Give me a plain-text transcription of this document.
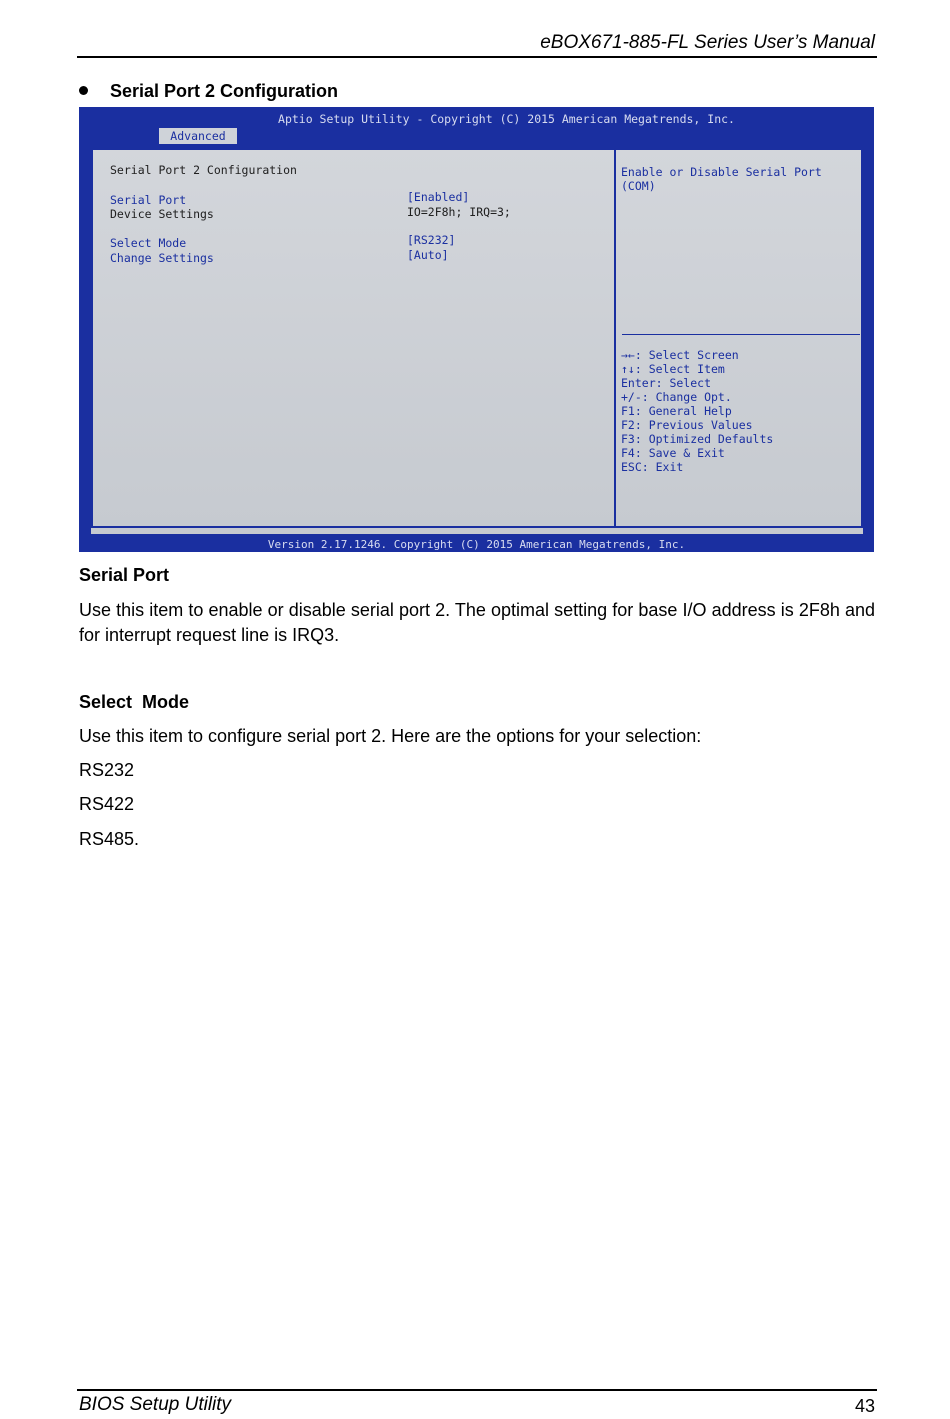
eBOX671-885-FL Series User’s Manual
Serial Port 2 Configuration
Aptio Setup Utility - Copyright (C) 2015 American Megatrends, Inc.
Advanced
Serial Port 2 Configuration
Serial Port	[Enabled]
Device Settings	IO=2F8h; IRQ=3;
Select Mode	[RS232]
Change Settings	[Auto]
Enable or Disable Serial Port
(COM)
→←: Select Screen
↑↓: Select Item
Enter: Select
+/-: Change Opt.
F1: General Help
F2: Previous Values
F3: Optimized Defaults
F4: Save & Exit
ESC: Exit
Version 2.17.1246. Copyright (C) 2015 American Megatrends, Inc.
Serial Port
Use this item to enable or disable serial port 2. The optimal setting for base I/O address is 2F8h and for interrupt request line is IRQ3.
Select  Mode
Use this item to configure serial port 2. Here are the options for your selection:
RS232
RS422
RS485.
BIOS Setup Utility	43
